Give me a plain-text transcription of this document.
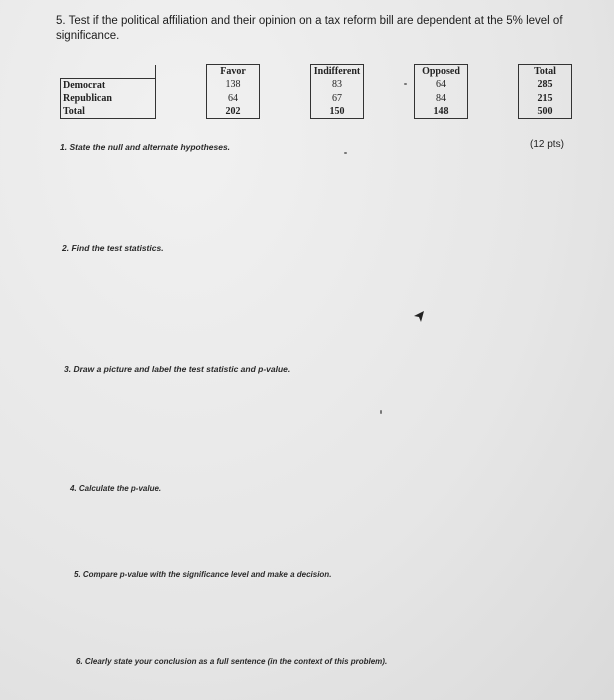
5. Test if the political affiliation and their opinion on a tax reform bill are dependent at the 5% level of significance.
		Favor		Indifferent		Opposed		Total
Democrat		138		83		64		285
Republican		64		67		84		215
Total		202		150		148		500
1. State the null and alternate hypotheses.	(12 pts)
2. Find the test statistics.
3. Draw a picture and label the test statistic and p-value.
4. Calculate the p-value.
5. Compare p-value with the significance level and make a decision.
6. Clearly state your conclusion as a full sentence (in the context of this problem).
